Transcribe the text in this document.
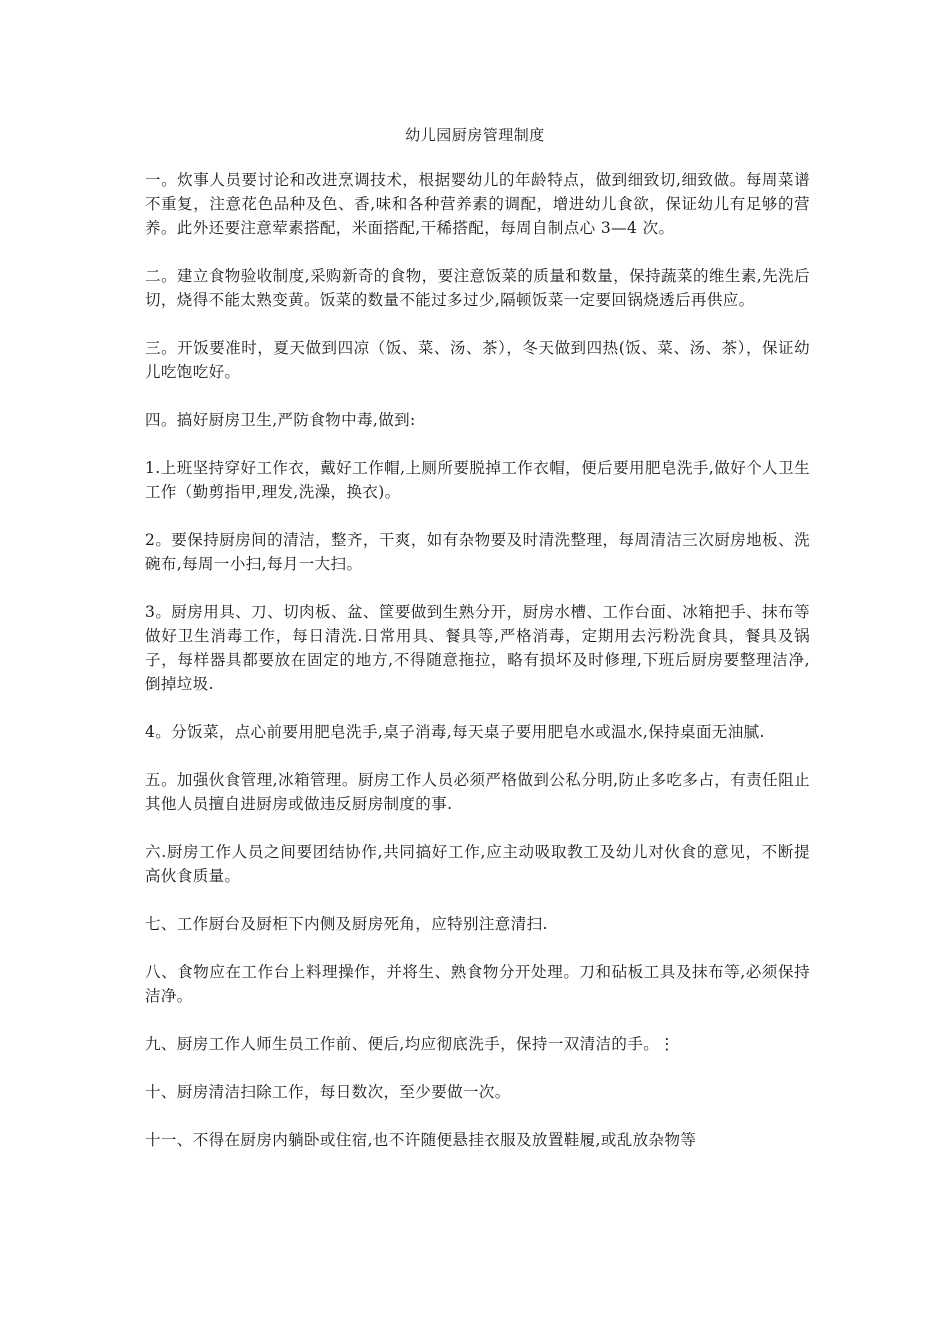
幼儿园厨房管理制度

一。炊事人员要讨论和改进烹调技术，根据婴幼儿的年龄特点，做到细致切,细致做。每周菜谱不重复，注意花色品种及色、香,味和各种营养素的调配，增进幼儿食欲，保证幼儿有足够的营养。此外还要注意荤素搭配，米面搭配,干稀搭配，每周自制点心 3—4 次。

二。建立食物验收制度,采购新奇的食物，要注意饭菜的质量和数量，保持蔬菜的维生素,先洗后切，烧得不能太熟变黄。饭菜的数量不能过多过少,隔顿饭菜一定要回锅烧透后再供应。

三。开饭要准时，夏天做到四凉（饭、菜、汤、茶），冬天做到四热(饭、菜、汤、茶），保证幼儿吃饱吃好。

四。搞好厨房卫生,严防食物中毒,做到:

1.上班坚持穿好工作衣，戴好工作帽,上厕所要脱掉工作衣帽，便后要用肥皂洗手,做好个人卫生工作（勤剪指甲,理发,洗澡，换衣)。

2。要保持厨房间的清洁，整齐，干爽，如有杂物要及时清洗整理，每周清洁三次厨房地板、洗碗布,每周一小扫,每月一大扫。

3。厨房用具、刀、切肉板、盆、筐要做到生熟分开，厨房水槽、工作台面、冰箱把手、抹布等做好卫生消毒工作，每日清洗.日常用具、餐具等,严格消毒，定期用去污粉洗食具，餐具及锅子，每样器具都要放在固定的地方,不得随意拖拉，略有损坏及时修理,下班后厨房要整理洁净,倒掉垃圾.

4。分饭菜，点心前要用肥皂洗手,桌子消毒,每天桌子要用肥皂水或温水,保持桌面无油腻.

五。加强伙食管理,冰箱管理。厨房工作人员必须严格做到公私分明,防止多吃多占，有责任阻止其他人员擅自进厨房或做违反厨房制度的事.

六.厨房工作人员之间要团结协作,共同搞好工作,应主动吸取教工及幼儿对伙食的意见，不断提高伙食质量。

七、工作厨台及厨柜下内侧及厨房死角，应特别注意清扫.

八、食物应在工作台上料理操作，并将生、熟食物分开处理。刀和砧板工具及抹布等,必须保持洁净。

九、厨房工作人师生员工作前、便后,均应彻底洗手，保持一双清洁的手。⋮

十、厨房清洁扫除工作，每日数次，至少要做一次。

十一、不得在厨房内躺卧或住宿,也不许随便悬挂衣服及放置鞋履,或乱放杂物等
